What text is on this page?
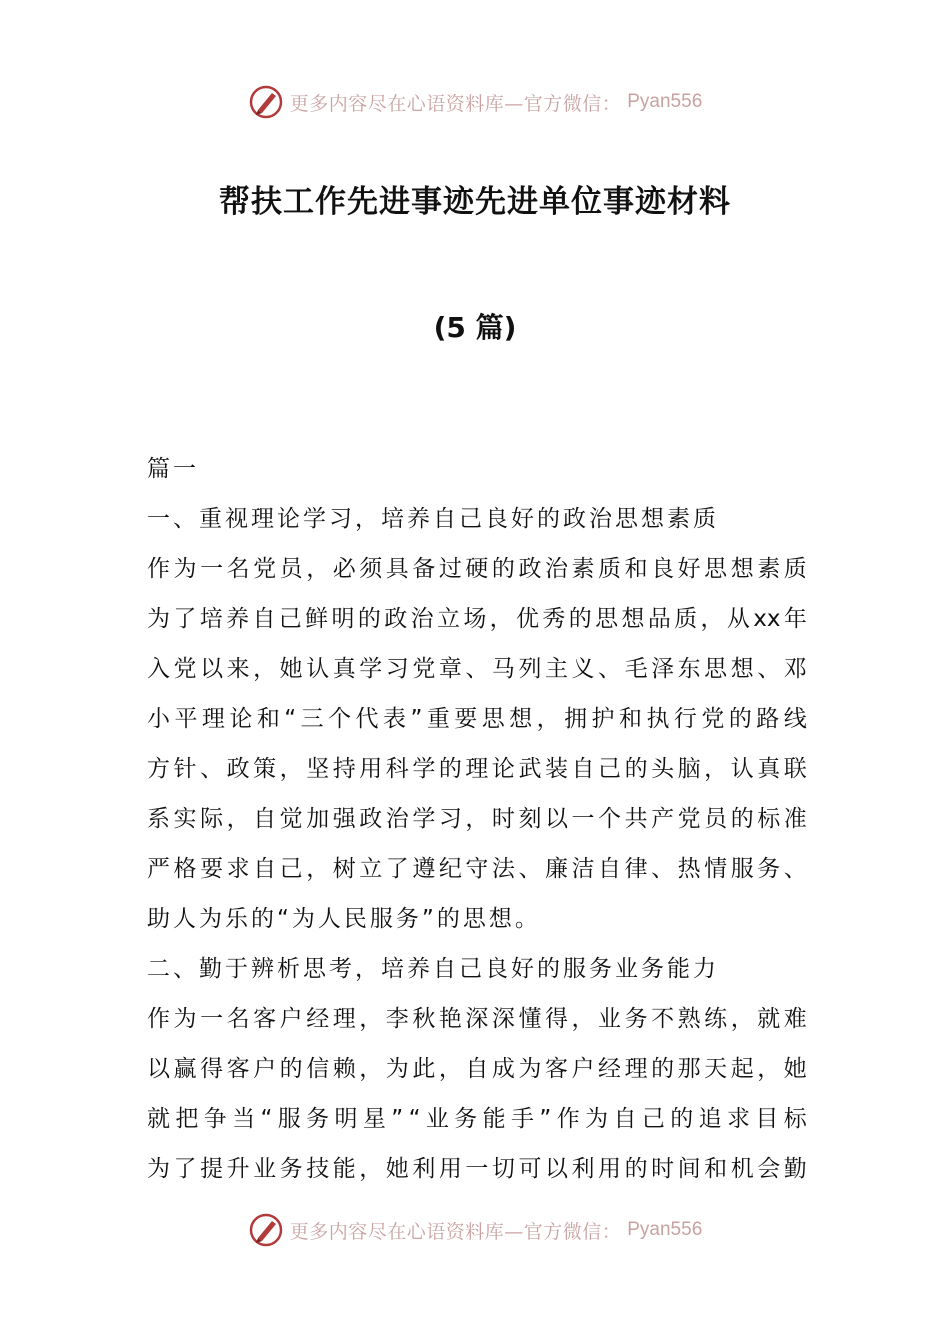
更多内容尽在心语资料库—官方微信： Pyan556
帮扶工作先进事迹先进单位事迹材料
(5 篇)
篇一
一、重视理论学习，培养自己良好的政治思想素质
作 为 一 名 党 员 ， 必 须 具 备 过 硬 的 政 治 素 质 和 良 好 思 想 素 质
为 了 培 养 自 己 鲜 明 的 政 治 立 场 ， 优 秀 的 思 想 品 质 ， 从 xx 年
入 党 以 来 ， 她 认 真 学 习 党 章 、 马 列 主 义 、 毛 泽 东 思 想 、 邓
小 平 理 论 和 “ 三 个 代 表 ” 重 要 思 想 ， 拥 护 和 执 行 党 的 路 线
方 针 、 政 策 ， 坚 持 用 科 学 的 理 论 武 装 自 己 的 头 脑 ， 认 真 联
系 实 际 ， 自 觉 加 强 政 治 学 习 ， 时 刻 以 一 个 共 产 党 员 的 标 准
严 格 要 求 自 己 ， 树 立 了 遵 纪 守 法 、 廉 洁 自 律 、 热 情 服 务 、
助人为乐的“为人民服务”的思想。
二、勤于辨析思考，培养自己良好的服务业务能力
作 为 一 名 客 户 经 理 ， 李 秋 艳 深 深 懂 得 ， 业 务 不 熟 练 ， 就 难
以 赢 得 客 户 的 信 赖 ， 为 此 ， 自 成 为 客 户 经 理 的 那 天 起 ， 她
就 把 争 当 “ 服 务 明 星 ” “ 业 务 能 手 ” 作 为 自 己 的 追 求 目 标
为 了 提 升 业 务 技 能 ， 她 利 用 一 切 可 以 利 用 的 时 间 和 机 会 勤
更多内容尽在心语资料库—官方微信： Pyan556
